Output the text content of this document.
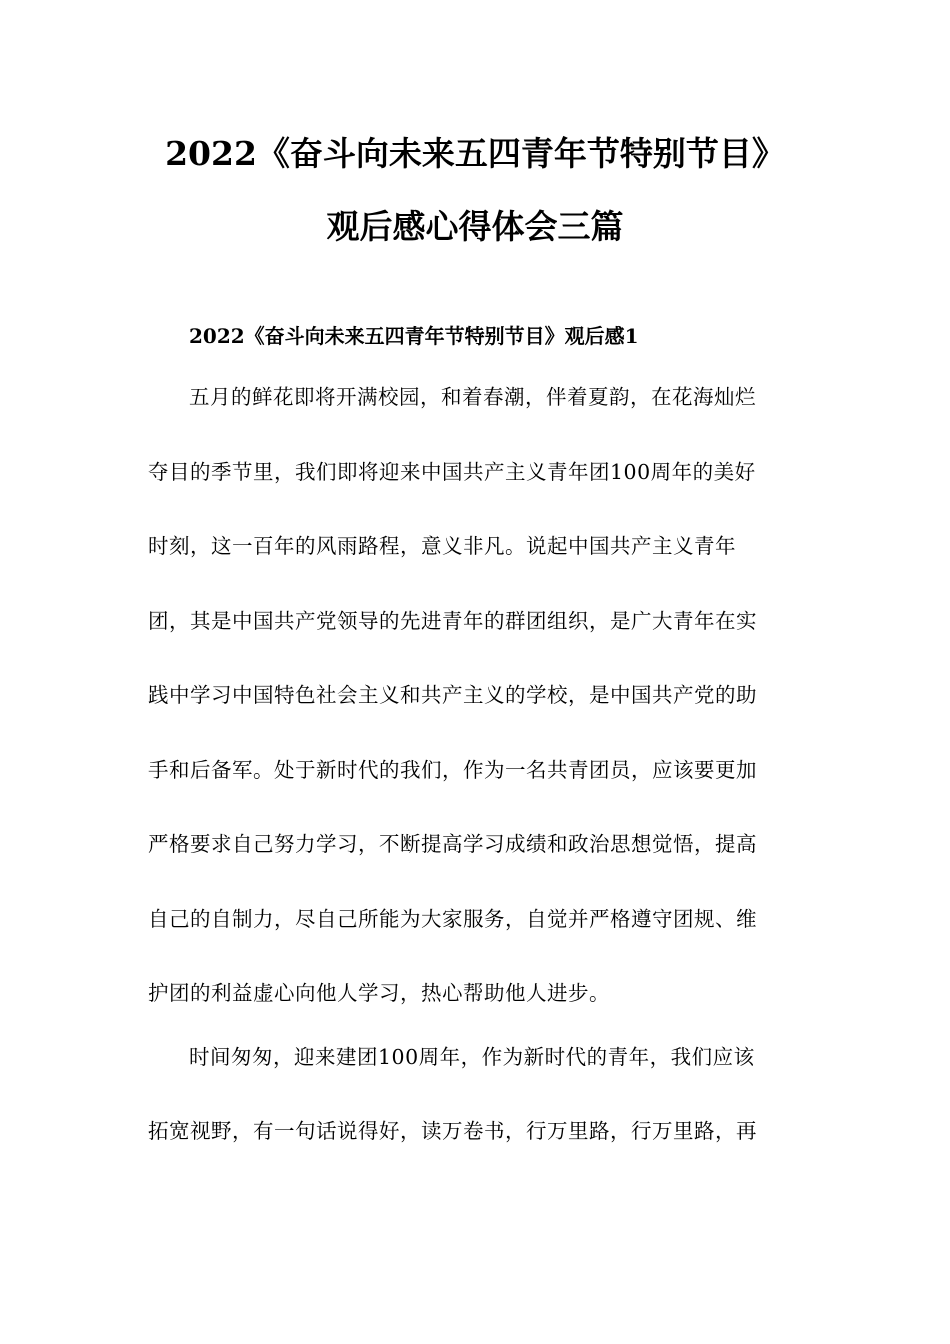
2022《奋斗向未来五四青年节特别节目》
观后感心得体会三篇
2022《奋斗向未来五四青年节特别节目》观后感1

五月的鲜花即将开满校园，和着春潮，伴着夏韵，在花海灿烂

夺目的季节里，我们即将迎来中国共产主义青年团100周年的美好

时刻，这一百年的风雨路程，意义非凡。说起中国共产主义青年

团，其是中国共产党领导的先进青年的群团组织，是广大青年在实

践中学习中国特色社会主义和共产主义的学校，是中国共产党的助

手和后备军。处于新时代的我们，作为一名共青团员，应该要更加

严格要求自己努力学习，不断提高学习成绩和政治思想觉悟，提高

自己的自制力，尽自己所能为大家服务，自觉并严格遵守团规、维

护团的利益虚心向他人学习，热心帮助他人进步。

时间匆匆，迎来建团100周年，作为新时代的青年，我们应该

拓宽视野，有一句话说得好，读万卷书，行万里路，行万里路，再
